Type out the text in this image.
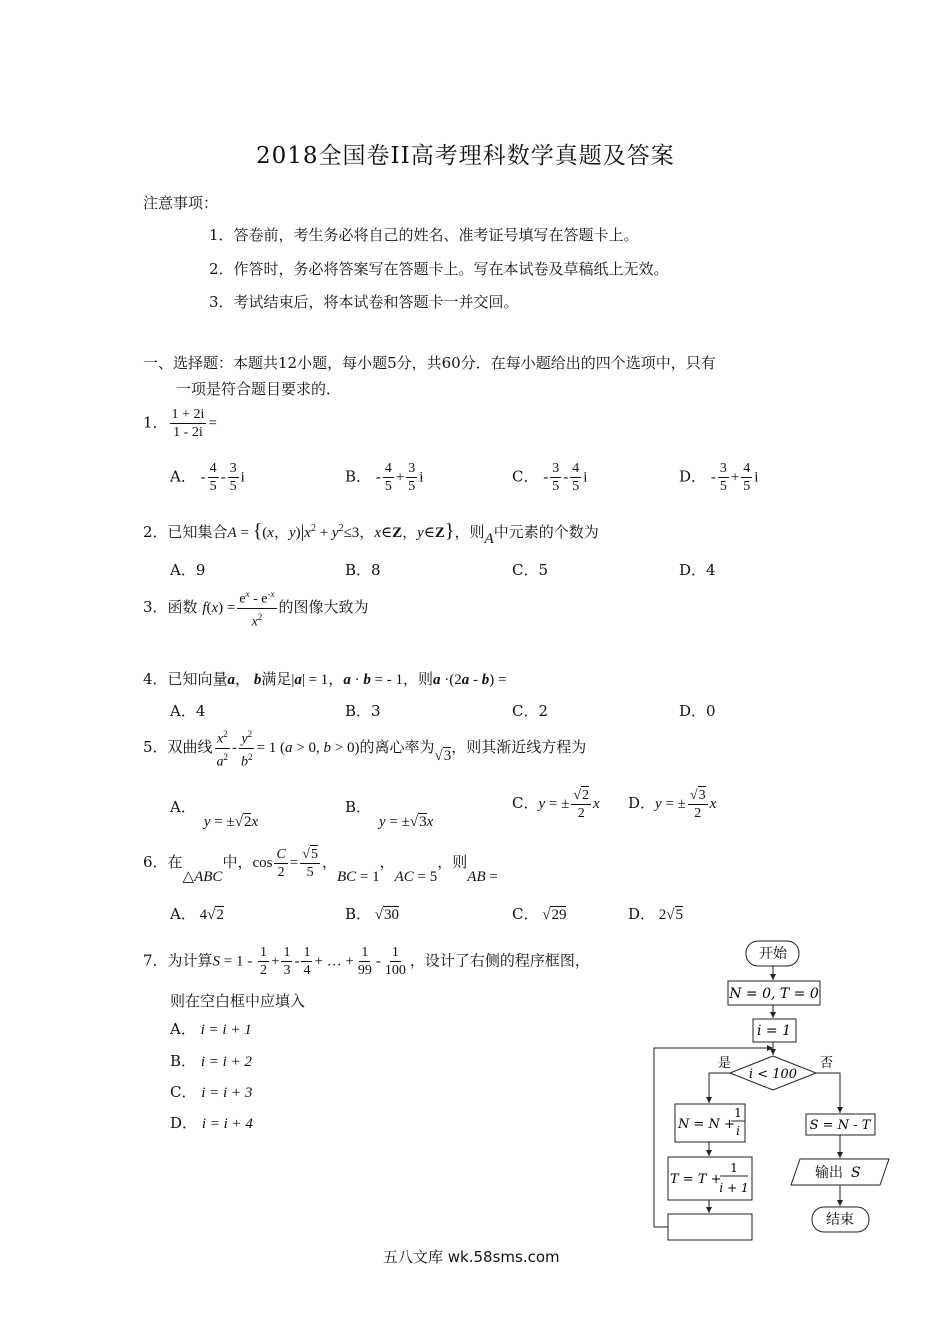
2018全国卷II高考理科数学真题及答案
注意事项：
1．答卷前，考生务必将自己的姓名、准考证号填写在答题卡上。
2．作答时，务必将答案写在答题卡上。写在本试卷及草稿纸上无效。
3．考试结束后，将本试卷和答题卡一并交回。
一、选择题：本题共12小题，每小题5分，共60分．在每小题给出的四个选项中，只有
一项是符合题目要求的．
1． $\frac{1 + 2i}{1 - 2i}$ =
A． - $\frac{4}{5} - \frac{3}{5}$ i	B． - $\frac{4}{5} + \frac{3}{5}$ i	C． - $\frac{3}{5} - \frac{4}{5}$ i	D． - $\frac{3}{5} + \frac{4}{5}$ i
2．已知集合A = {(x，$y)|x^2 + y^2\le 3$，x∈Z，y∈Z}，则A中元素的个数为
A．9	B．8	C．5	D．4
3．函数 $f(x) = \frac{e^x - e^{-x}}{x^2}$ 的图像大致为
4．已知向量a， b满足|a| = 1，a · b = - 1，则a ·(2a - b) =
A．4	B．3	C．2	D．0
5．双曲线 $\frac{x^2}{a^2} - \frac{y^2}{b^2} = 1$ (a > 0, b > 0)的离心率为√3，则其渐近线方程为
A．y = ±√2x
B．y = ±√3x
C．y = ± $\frac{√2}{2}$ x D．y = ± $\frac{√3}{2}$ x
6．在△ABC中，$\cos \frac{C}{2} = \frac{√5}{5}$ ，BC = 1，AC = 5，则AB =
A． 4√2	B． √30	C． √29	D． 2√5
7．为计算$S = 1 - \frac{1}{2} + \frac{1}{3} - \frac{1}{4}$ + … + $\frac{1}{99} - \frac{1}{100}$ ，设计了右侧的程序框图，
则在空白框中应填入
A． i = i + 1
B． i = i + 2
C． i = i + 3
D． i = i + 4
开始
N = 0, T = 0
i = 1
i < 100
是	否
N = N +
1
i
T = T +
1
i + 1
S = N - T
输出 S
结束
五八文库 wk.58sms.com
